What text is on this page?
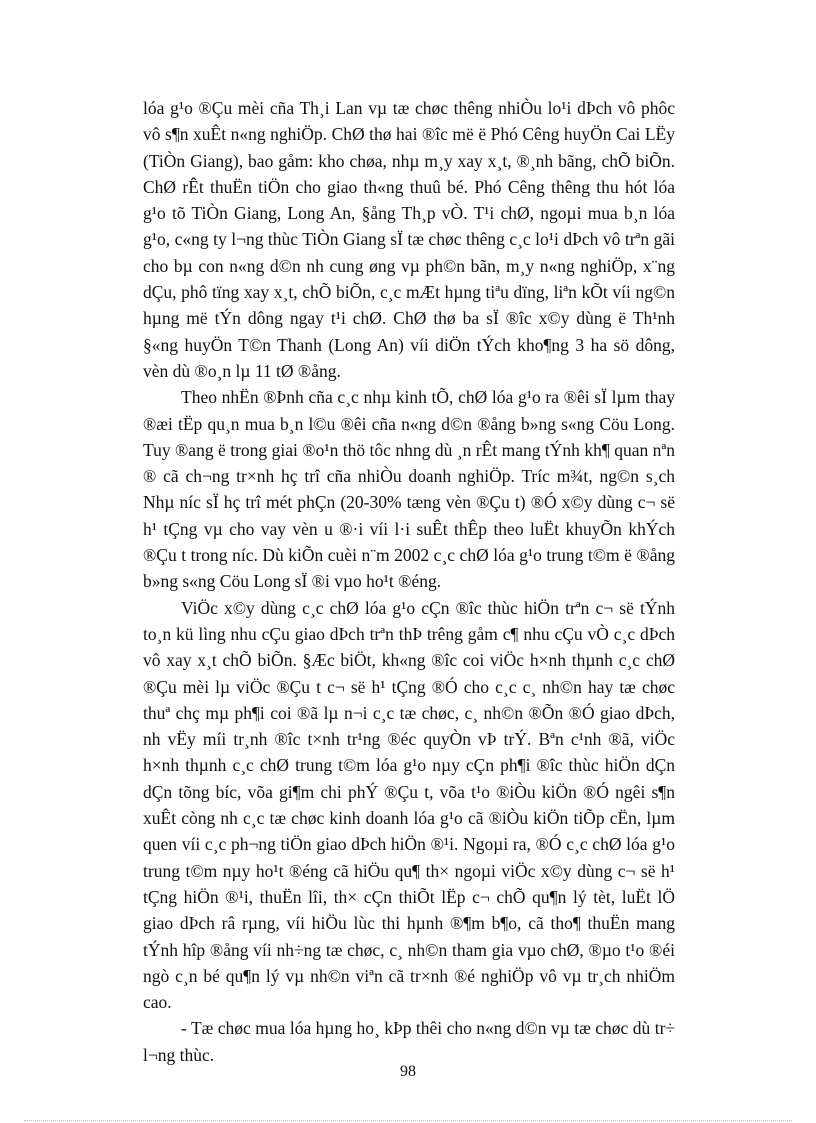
lóa g¹o ®Çu mèi cña Th¸i Lan vµ tæ chøc thêng nhiÒu lo¹i dÞch vô phôc vô s¶n xuÊt n«ng nghiÖp. ChØ thø hai ®îc më ë Phó Cêng huyÖn Cai LËy (TiÒn Giang), bao gåm: kho chøa, nhµ m¸y xay x¸t, ®¸nh bãng, chÕ biÕn. ChØ rÊt thuËn tiÖn cho giao th«ng thuû bé. Phó Cêng thêng thu hót lóa g¹o tõ TiÒn Giang, Long An, §ång Th¸p vÒ. T¹i chØ, ngoµi mua b¸n lóa g¹o, c«ng ty l¬ng thùc TiÒn Giang sÏ tæ chøc thêng c¸c lo¹i dÞch vô trªn gãi cho bµ con n«ng d©n nh cung øng vµ ph©n bãn, m¸y n«ng nghiÖp, x¨ng dÇu, phô tïng xay x¸t, chÕ biÕn, c¸c mÆt hµng tiªu dïng, liªn kÕt víi ng©n hµng më tÝn dông ngay t¹i chØ. ChØ thø ba sÏ ®îc x©y dùng ë Th¹nh §«ng huyÖn T©n Thanh (Long An) víi diÖn tÝch kho¶ng 3 ha sö dông, vèn dù ®o¸n lµ 11 tØ ®ång.

Theo nhËn ®Þnh cña c¸c nhµ kinh tÕ, chØ lóa g¹o ra ®êi sÏ lµm thay ®æi tËp qu¸n mua b¸n l©u ®êi cña n«ng d©n ®ång b»ng s«ng Cöu Long. Tuy ®ang ë trong giai ®o¹n thö tôc nhng dù ¸n rÊt mang tÝnh kh¶ quan nªn ® cã ch¬ng tr×nh hç trî cña nhiÒu doanh nghiÖp. Tríc m¾t, ng©n s¸ch Nhµ níc sÏ hç trî mét phÇn (20-30% tæng vèn ®Çu t) ®Ó x©y dùng c¬ së h¹ tÇng vµ cho vay vèn u ®·i víi l·i suÊt thÊp theo luËt khuyÕn khÝch ®Çu t trong níc. Dù kiÕn cuèi n¨m 2002 c¸c chØ lóa g¹o trung t©m ë ®ång b»ng s«ng Cöu Long sÏ ®i vµo ho¹t ®éng.

ViÖc x©y dùng c¸c chØ lóa g¹o cÇn ®îc thùc hiÖn trªn c¬ së tÝnh to¸n kü lìng nhu cÇu giao dÞch trªn thÞ trêng gåm c¶ nhu cÇu vÒ c¸c dÞch vô xay x¸t chÕ biÕn. §Æc biÖt, kh«ng ®îc coi viÖc h×nh thµnh c¸c chØ ®Çu mèi lµ viÖc ®Çu t c¬ së h¹ tÇng ®Ó cho c¸c c¸ nh©n hay tæ chøc thuª chç mµ ph¶i coi ®ã lµ n¬i c¸c tæ chøc, c¸ nh©n ®Õn ®Ó giao dÞch, nh vËy míi tr¸nh ®îc t×nh tr¹ng ®éc quyÒn vÞ trÝ. Bªn c¹nh ®ã, viÖc h×nh thµnh c¸c chØ trung t©m lóa g¹o nµy cÇn ph¶i ®îc thùc hiÖn dÇn dÇn tõng bíc, võa gi¶m chi phÝ ®Çu t, võa t¹o ®iÒu kiÖn ®Ó ngêi s¶n xuÊt còng nh c¸c tæ chøc kinh doanh lóa g¹o cã ®iÒu kiÖn tiÕp cËn, lµm quen víi c¸c ph¬ng tiÖn giao dÞch hiÖn ®¹i. Ngoµi ra, ®Ó c¸c chØ lóa g¹o trung t©m nµy ho¹t ®éng cã hiÖu qu¶ th× ngoµi viÖc x©y dùng c¬ së h¹ tÇng hiÖn ®¹i, thuËn lîi, th× cÇn thiÕt lËp c¬ chÕ qu¶n lý tèt, luËt lÖ giao dÞch râ rµng, víi hiÖu lùc thi hµnh ®¶m b¶o, cã tho¶ thuËn mang tÝnh hîp ®ång víi nh÷ng tæ chøc, c¸ nh©n tham gia vµo chØ, ®µo t¹o ®éi ngò c¸n bé qu¶n lý vµ nh©n viªn cã tr×nh ®é nghiÖp vô vµ tr¸ch nhiÖm cao.

- Tæ chøc mua lóa hµng ho¸ kÞp thêi cho n«ng d©n vµ tæ chøc dù tr÷ l¬ng thùc.

98
